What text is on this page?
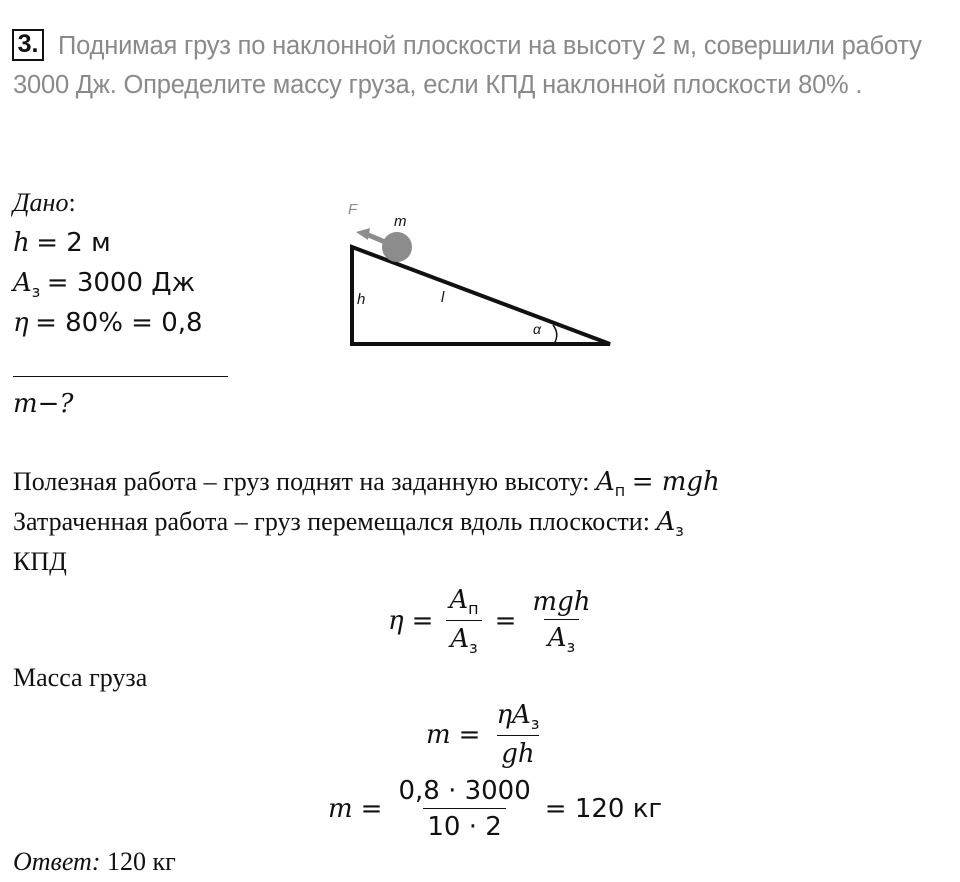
3. Поднимая груз по наклонной плоскости на высоту 2 м, совершили работу 3000 Дж. Определите массу груза, если КПД наклонной плоскости 80% .
Дано:
h = 2 м
$A_з = 3000$ Дж
η = 80% = 0,8
m−?
F
m
h	l
α
Полезная работа – груз поднят на заданную высоту: $A_п$ = mgh
Затраченная работа – груз перемещался вдоль плоскости: $A_з$
КПД
$\eta = \frac{A_п}{A_з} = \frac{\text{mgh}}{A_з}$
Масса груза
$m = \frac{\eta A_з}{gh}$
$m = \frac{0,8 \cdot 3000}{10 \cdot 2} = 120$ кг
Ответ: 120 кг
